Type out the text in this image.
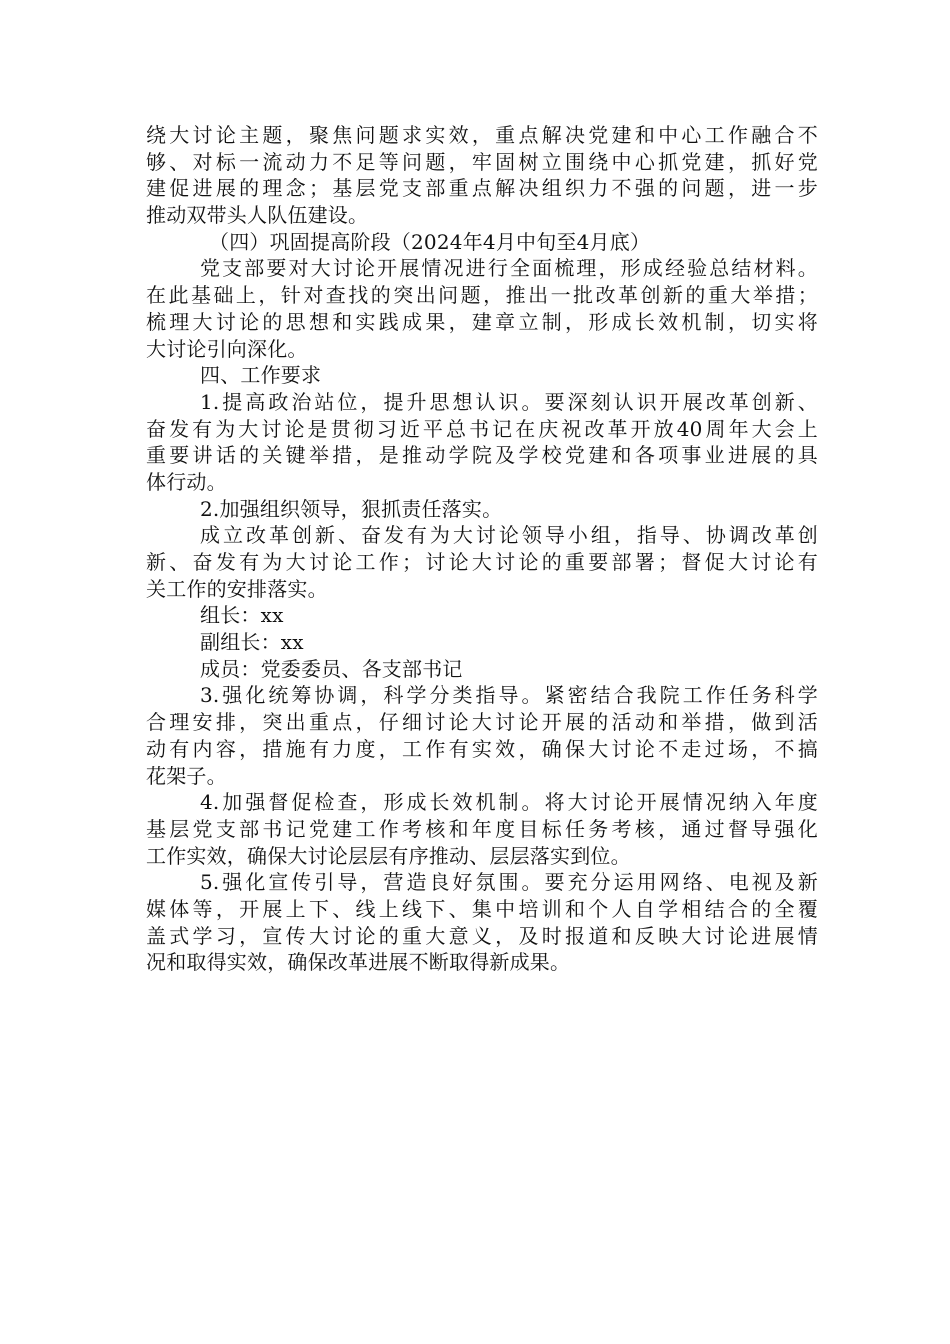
绕大讨论主题，聚焦问题求实效，重点解决党建和中心工作融合不
够、对标一流动力不足等问题，牢固树立围绕中心抓党建，抓好党
建促进展的理念；基层党支部重点解决组织力不强的问题，进一步
推动双带头人队伍建设。
（四）巩固提高阶段（2024年4月中旬至4月底）
党支部要对大讨论开展情况进行全面梳理，形成经验总结材料。
在此基础上，针对查找的突出问题，推出一批改革创新的重大举措；
梳理大讨论的思想和实践成果，建章立制，形成长效机制，切实将
大讨论引向深化。
四、工作要求
1.提高政治站位，提升思想认识。要深刻认识开展改革创新、
奋发有为大讨论是贯彻习近平总书记在庆祝改革开放40周年大会上
重要讲话的关键举措，是推动学院及学校党建和各项事业进展的具
体行动。
2.加强组织领导，狠抓责任落实。
成立改革创新、奋发有为大讨论领导小组，指导、协调改革创
新、奋发有为大讨论工作；讨论大讨论的重要部署；督促大讨论有
关工作的安排落实。
组长：xx
副组长：xx
成员：党委委员、各支部书记
3.强化统筹协调，科学分类指导。紧密结合我院工作任务科学
合理安排，突出重点，仔细讨论大讨论开展的活动和举措，做到活
动有内容，措施有力度，工作有实效，确保大讨论不走过场，不搞
花架子。
4.加强督促检查，形成长效机制。将大讨论开展情况纳入年度
基层党支部书记党建工作考核和年度目标任务考核，通过督导强化
工作实效，确保大讨论层层有序推动、层层落实到位。
5.强化宣传引导，营造良好氛围。要充分运用网络、电视及新
媒体等，开展上下、线上线下、集中培训和个人自学相结合的全覆
盖式学习，宣传大讨论的重大意义，及时报道和反映大讨论进展情
况和取得实效，确保改革进展不断取得新成果。
